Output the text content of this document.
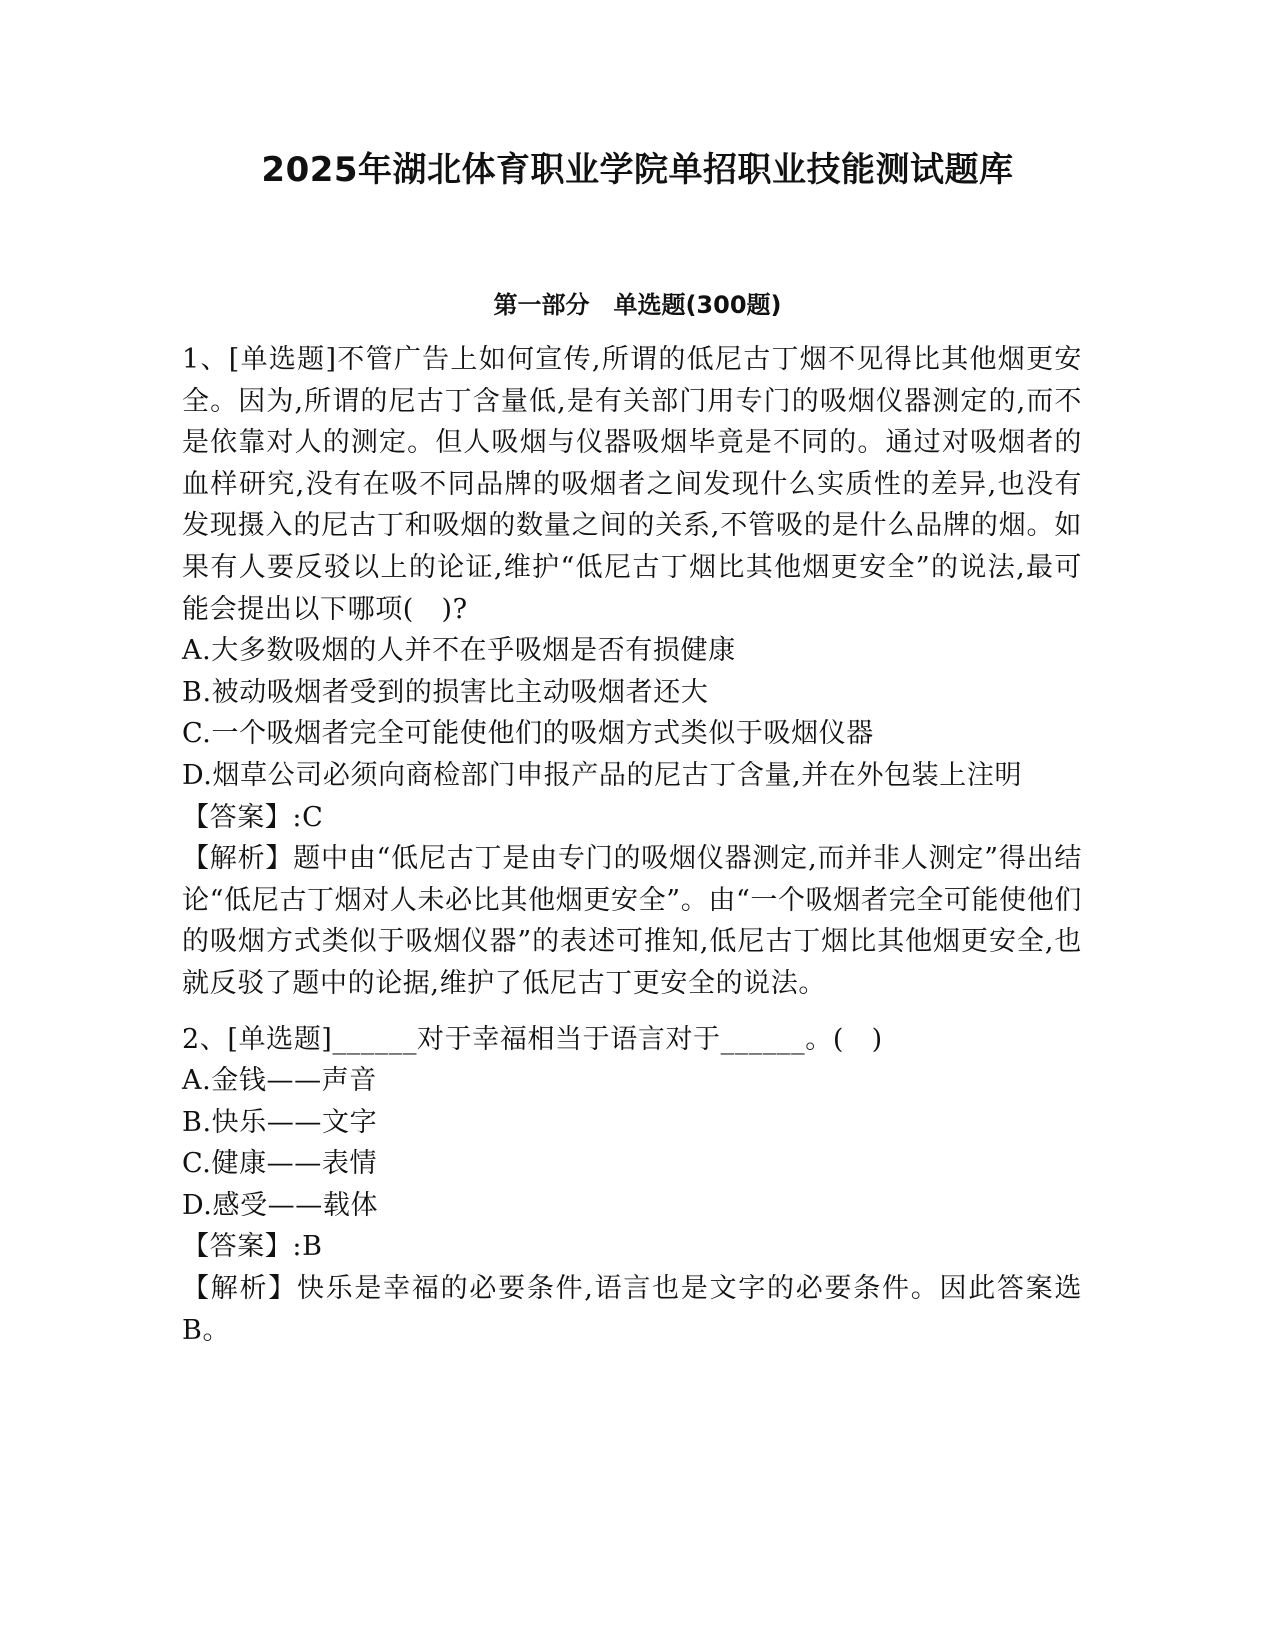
2025年湖北体育职业学院单招职业技能测试题库
第一部分　单选题(300题)

1、[单选题]不管广告上如何宣传,所谓的低尼古丁烟不见得比其他烟更安全。因为,所谓的尼古丁含量低,是有关部门用专门的吸烟仪器测定的,而不是依靠对人的测定。但人吸烟与仪器吸烟毕竟是不同的。通过对吸烟者的血样研究,没有在吸不同品牌的吸烟者之间发现什么实质性的差异,也没有发现摄入的尼古丁和吸烟的数量之间的关系,不管吸的是什么品牌的烟。如果有人要反驳以上的论证,维护“低尼古丁烟比其他烟更安全”的说法,最可能会提出以下哪项(　)?

A.大多数吸烟的人并不在乎吸烟是否有损健康

B.被动吸烟者受到的损害比主动吸烟者还大

C.一个吸烟者完全可能使他们的吸烟方式类似于吸烟仪器

D.烟草公司必须向商检部门申报产品的尼古丁含量,并在外包装上注明

【答案】:C

【解析】题中由“低尼古丁是由专门的吸烟仪器测定,而并非人测定”得出结论“低尼古丁烟对人未必比其他烟更安全”。由“一个吸烟者完全可能使他们的吸烟方式类似于吸烟仪器”的表述可推知,低尼古丁烟比其他烟更安全,也就反驳了题中的论据,维护了低尼古丁更安全的说法。

2、[单选题]______对于幸福相当于语言对于______。(　)

A.金钱——声音

B.快乐——文字

C.健康——表情

D.感受——载体

【答案】:B

【解析】快乐是幸福的必要条件,语言也是文字的必要条件。因此答案选B。
